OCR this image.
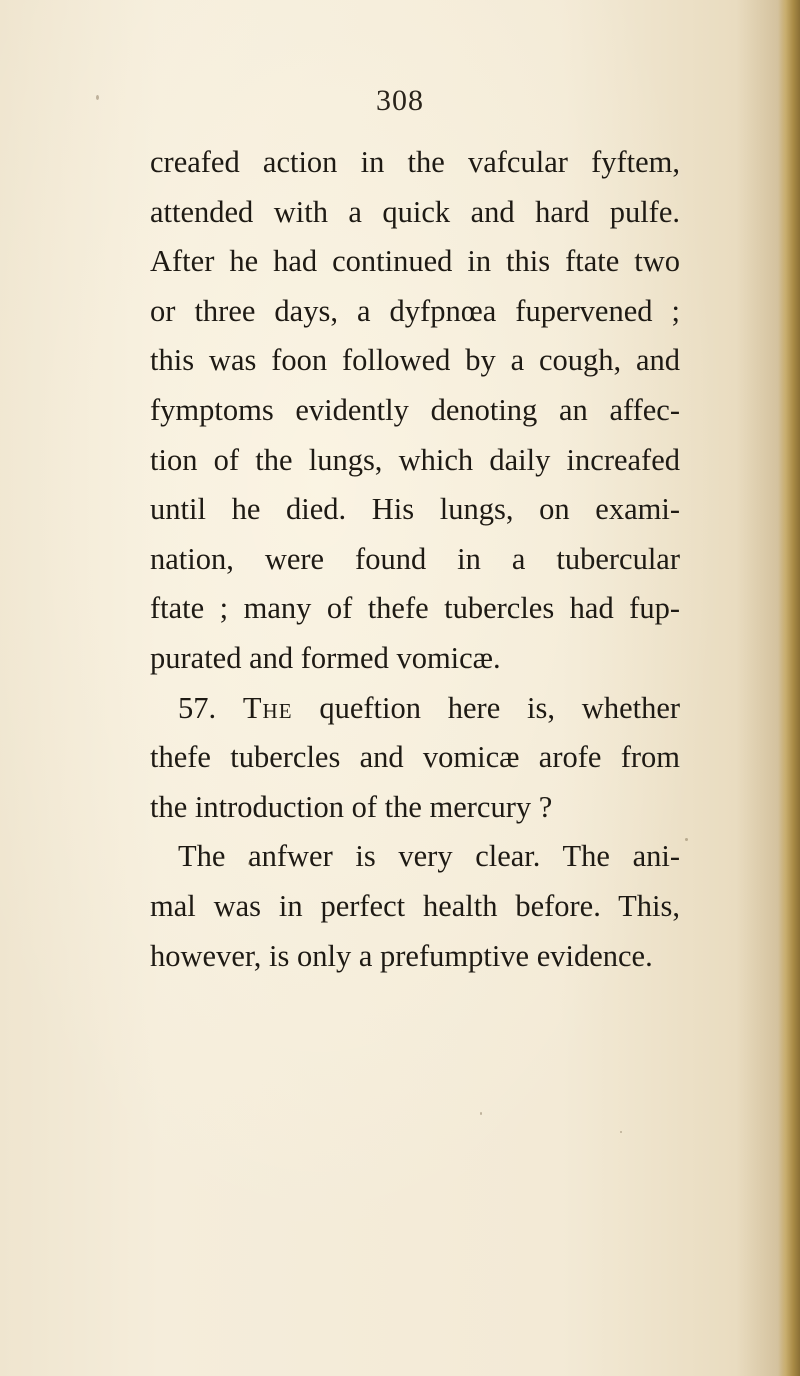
308
creafed action in the vafcular fyftem,
attended with a quick and hard pulfe.
After he had continued in this ftate two
or three days, a dyfpnœa fupervened ;
this was foon followed by a cough, and
fymptoms evidently denoting an affec-
tion of the lungs, which daily increafed
until he died. His lungs, on exami-
nation, were found in a tubercular
ftate ; many of thefe tubercles had fup-
purated and formed vomicæ.
57. The queftion here is, whether
thefe tubercles and vomicæ arofe from
the introduction of the mercury ?
The anfwer is very clear. The ani-
mal was in perfect health before. This,
however, is only a prefumptive evidence.
